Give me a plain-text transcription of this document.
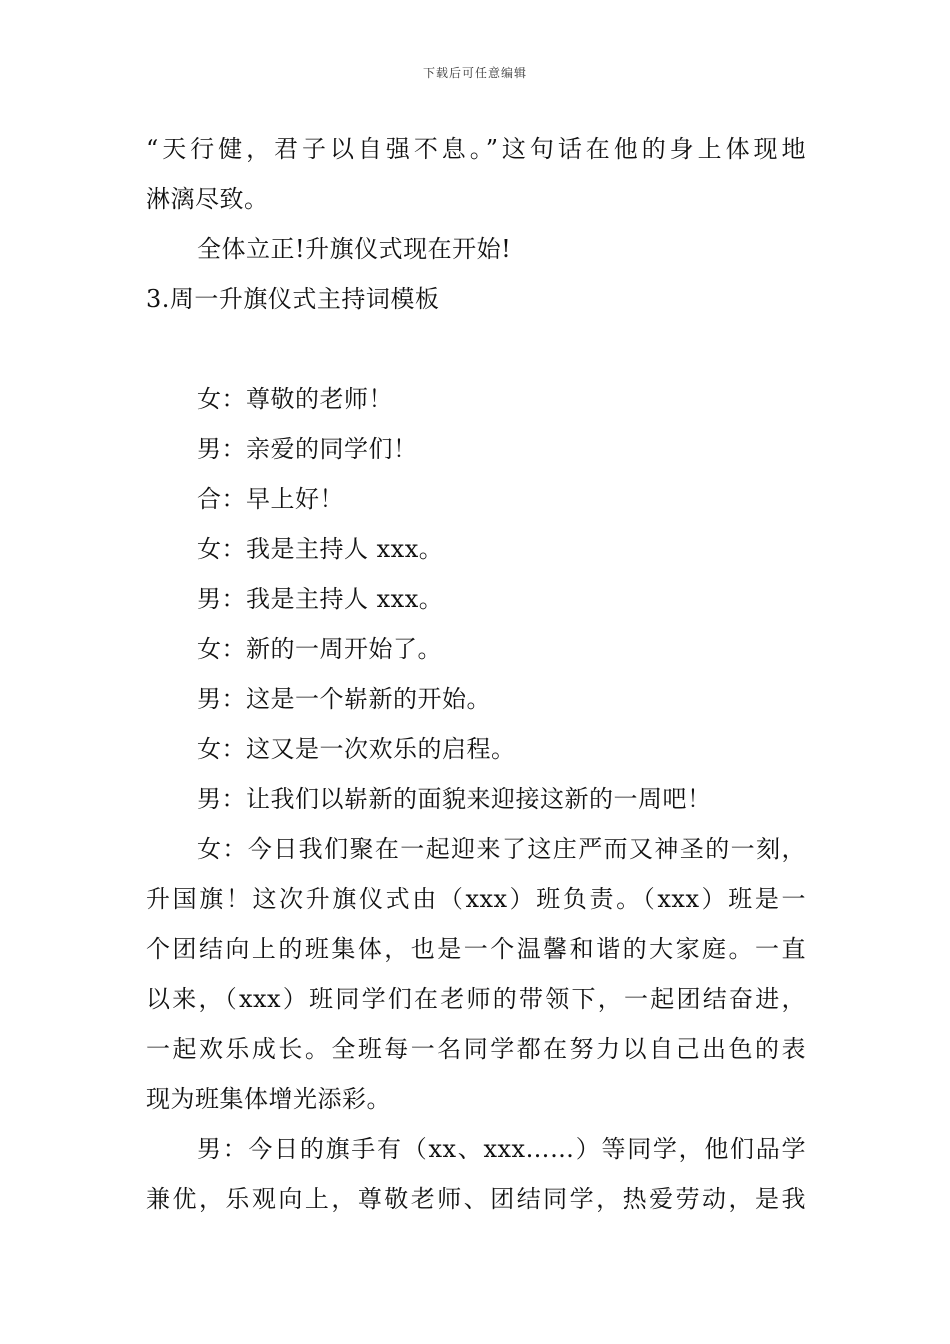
下载后可任意编辑
“天行健，君子以自强不息。”这句话在他的身上体现地
淋漓尽致。
全体立正!升旗仪式现在开始!
3.周一升旗仪式主持词模板
女：尊敬的老师！
男：亲爱的同学们！
合：早上好！
女：我是主持人 xxx。
男：我是主持人 xxx。
女：新的一周开始了。
男：这是一个崭新的开始。
女：这又是一次欢乐的启程。
男：让我们以崭新的面貌来迎接这新的一周吧！
女：今日我们聚在一起迎来了这庄严而又神圣的一刻，
升国旗！这次升旗仪式由（xxx）班负责。（xxx）班是一
个团结向上的班集体，也是一个温馨和谐的大家庭。一直
以来，（xxx）班同学们在老师的带领下，一起团结奋进，
一起欢乐成长。全班每一名同学都在努力以自己出色的表
现为班集体增光添彩。
男：今日的旗手有（xx、xxx……）等同学，他们品学
兼优，乐观向上，尊敬老师、团结同学，热爱劳动，是我
